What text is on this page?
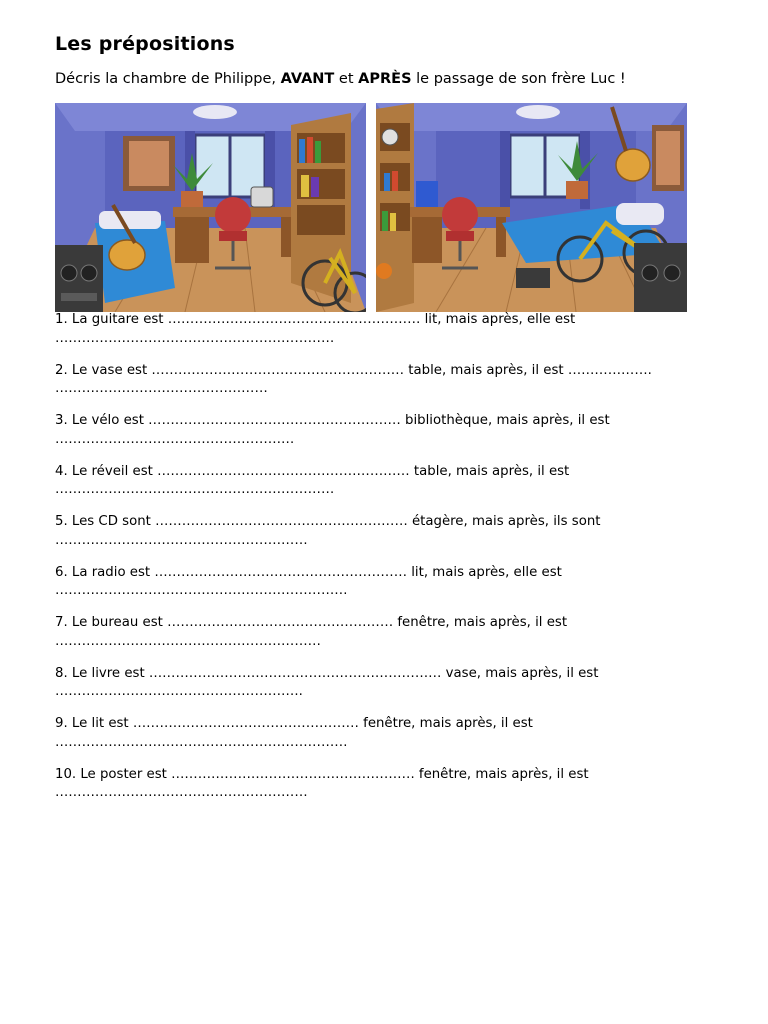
Les prépositions
Décris la chambre de Philippe, AVANT et APRÈS le passage de son frère Luc !
1. La guitare est ………………………………………………… lit, mais après, elle est
………………………………………………………
2. Le vase est ………………………………………………… table, mais après, il est ……………….
…………………………………………
3. Le vélo est ………………………………………………… bibliothèque, mais après, il est
………………………………………………
4. Le réveil est ………………………………………………… table, mais après, il est
………………………………………………………
5. Les CD sont ………………………………………………… étagère, mais après, ils sont
…………………………………………………
6. La radio est ………………………………………………… lit, mais après, elle est
…………………………………………………………
7. Le bureau est …………………………………………… fenêtre, mais après, il est
……………………………………………………
8. Le livre est ………………………………………………………… vase, mais après, il est
………………………………………………..
9. Le lit est …………………………………………… fenêtre, mais après, il est
…………………………………………………………
10. Le poster est ………………………………………………. fenêtre, mais après, il est
…………………………………………………
